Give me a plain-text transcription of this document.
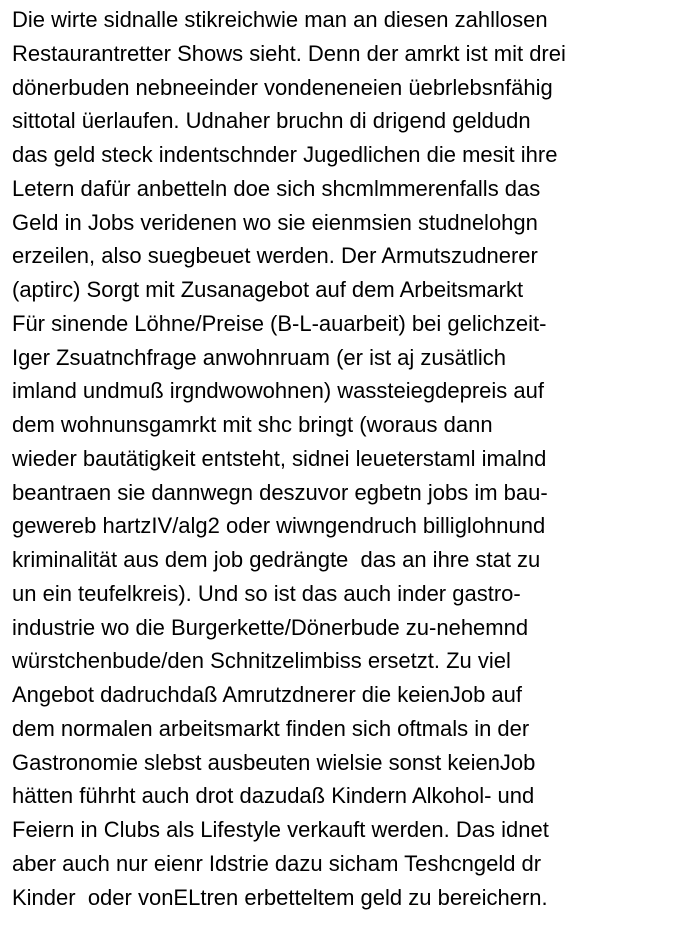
Die wirte sidnalle stikreichwie man an diesen zahllosen
Restaurantretter Shows sieht. Denn der amrkt ist mit drei
dönerbuden nebneeinder vondeneneien üebrlebsnfähig
sittotal üerlaufen. Udnaher bruchn di drigend geldudn
das geld steck indentschnder Jugedlichen die mesit ihre
Letern dafür anbetteln doe sich shcmlmmerenfalls das
Geld in Jobs veridenen wo sie eienmsien studnelohgn
erzeilen, also suegbeuet werden. Der Armutszudnerer
(aptirc) Sorgt mit Zusanagebot auf dem Arbeitsmarkt
Für sinende Löhne/Preise (B-L-auarbeit) bei gelichzeit-
Iger Zsuatnchfrage anwohnruam (er ist aj zusätlich
imland undmuß irgndwowohnen) wassteiegdepreis auf
dem wohnunsgamrkt mit shc bringt (woraus dann
wieder bautätigkeit entsteht, sidnei leueterstaml imalnd
beantraen sie dannwegn deszuvor egbetn jobs im bau-
gewereb hartzIV/alg2 oder wiwngendruch billiglohnund
kriminalität aus dem job gedrängte  das an ihre stat zu
un ein teufelkreis). Und so ist das auch inder gastro-
industrie wo die Burgerkette/Dönerbude zu-nehemnd
würstchenbude/den Schnitzelimbiss ersetzt. Zu viel
Angebot dadruchdaß Amrutzdnerer die keienJob auf
dem normalen arbeitsmarkt finden sich oftmals in der
Gastronomie slebst ausbeuten wielsie sonst keienJob
hätten führht auch drot dazudaß Kindern Alkohol- und
Feiern in Clubs als Lifestyle verkauft werden. Das idnet
aber auch nur eienr Idstrie dazu sicham Teshcngeld dr
Kinder  oder vonELtren erbetteltem geld zu bereichern.
